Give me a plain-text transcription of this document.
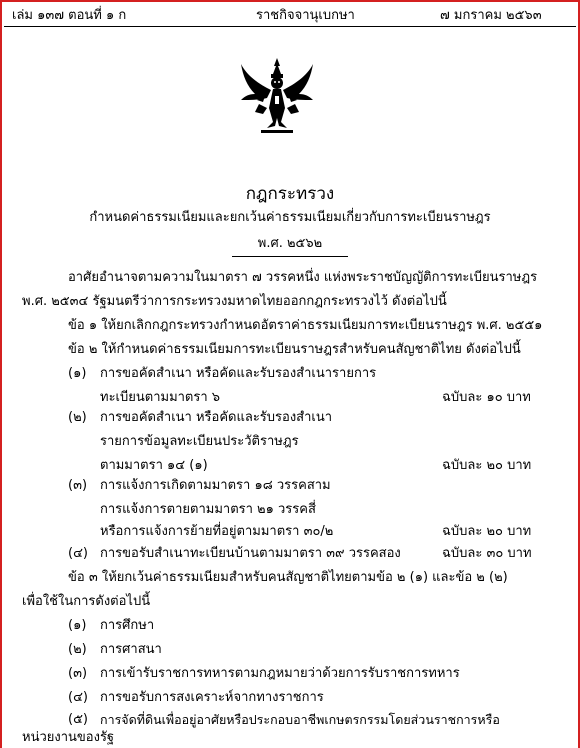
เล่ม ๑๓๗ ตอนที่ ๑ ก	ราชกิจจานุเบกษา	๗ มกราคม ๒๕๖๓
กฎกระทรวง
กำหนดค่าธรรมเนียมและยกเว้นค่าธรรมเนียมเกี่ยวกับการทะเบียนราษฎร
พ.ศ. ๒๕๖๒
อาศัยอำนาจตามความในมาตรา ๗ วรรคหนึ่ง แห่งพระราชบัญญัติการทะเบียนราษฎร
พ.ศ. ๒๕๓๔ รัฐมนตรีว่าการกระทรวงมหาดไทยออกกฎกระทรวงไว้ ดังต่อไปนี้
ข้อ ๑ ให้ยกเลิกกฎกระทรวงกำหนดอัตราค่าธรรมเนียมการทะเบียนราษฎร พ.ศ. ๒๕๕๑
ข้อ ๒ ให้กำหนดค่าธรรมเนียมการทะเบียนราษฎรสำหรับคนสัญชาติไทย ดังต่อไปนี้
(๑) การขอคัดสำเนา หรือคัดและรับรองสำเนารายการ
ทะเบียนตามมาตรา ๖	ฉบับละ ๑๐ บาท
(๒) การขอคัดสำเนา หรือคัดและรับรองสำเนา
รายการข้อมูลทะเบียนประวัติราษฎร
ตามมาตรา ๑๔ (๑)	ฉบับละ ๒๐ บาท
(๓) การแจ้งการเกิดตามมาตรา ๑๘ วรรคสาม
การแจ้งการตายตามมาตรา ๒๑ วรรคสี่
หรือการแจ้งการย้ายที่อยู่ตามมาตรา ๓๐/๒	ฉบับละ ๒๐ บาท
(๔) การขอรับสำเนาทะเบียนบ้านตามมาตรา ๓๙ วรรคสอง	ฉบับละ ๓๐ บาท
ข้อ ๓ ให้ยกเว้นค่าธรรมเนียมสำหรับคนสัญชาติไทยตามข้อ ๒ (๑) และข้อ ๒ (๒)
เพื่อใช้ในการดังต่อไปนี้
(๑) การศึกษา
(๒) การศาสนา
(๓) การเข้ารับราชการทหารตามกฎหมายว่าด้วยการรับราชการทหาร
(๔) การขอรับการสงเคราะห์จากทางราชการ
(๕) การจัดที่ดินเพื่ออยู่อาศัยหรือประกอบอาชีพเกษตรกรรมโดยส่วนราชการหรือ
หน่วยงานของรัฐ
